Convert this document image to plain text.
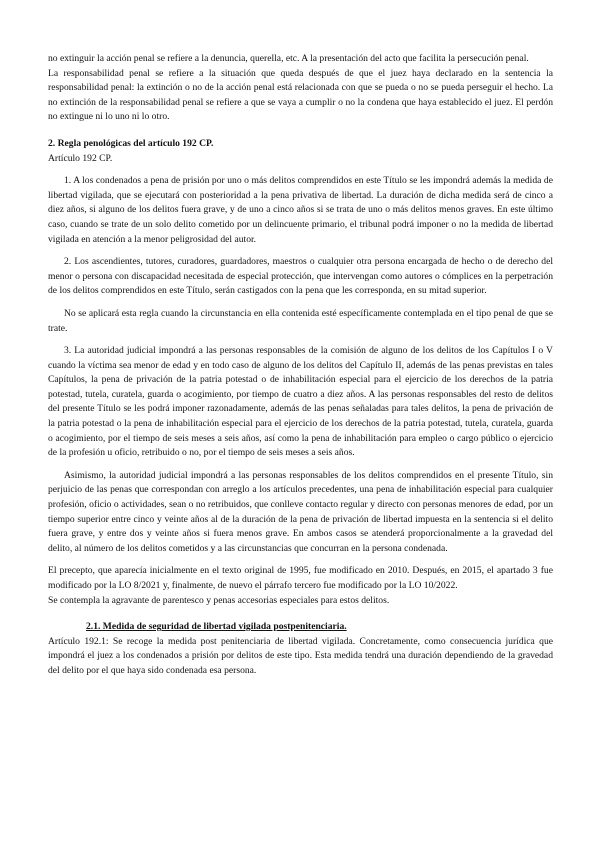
no extinguir la acción penal se refiere a la denuncia, querella, etc. A la presentación del acto que facilita la persecución penal.

La responsabilidad penal se refiere a la situación que queda después de que el juez haya declarado en la sentencia la responsabilidad penal: la extinción o no de la acción penal está relacionada con que se pueda o no se pueda perseguir el hecho. La no extinción de la responsabilidad penal se refiere a que se vaya a cumplir o no la condena que haya establecido el juez. El perdón no extingue ni lo uno ni lo otro.

2. Regla penológicas del artículo 192 CP.

Artículo 192 CP.

1. A los condenados a pena de prisión por uno o más delitos comprendidos en este Título se les impondrá además la medida de libertad vigilada, que se ejecutará con posterioridad a la pena privativa de libertad. La duración de dicha medida será de cinco a diez años, si alguno de los delitos fuera grave, y de uno a cinco años si se trata de uno o más delitos menos graves. En este último caso, cuando se trate de un solo delito cometido por un delincuente primario, el tribunal podrá imponer o no la medida de libertad vigilada en atención a la menor peligrosidad del autor.

2. Los ascendientes, tutores, curadores, guardadores, maestros o cualquier otra persona encargada de hecho o de derecho del menor o persona con discapacidad necesitada de especial protección, que intervengan como autores o cómplices en la perpetración de los delitos comprendidos en este Título, serán castigados con la pena que les corresponda, en su mitad superior.

No se aplicará esta regla cuando la circunstancia en ella contenida esté específicamente contemplada en el tipo penal de que se trate.

3. La autoridad judicial impondrá a las personas responsables de la comisión de alguno de los delitos de los Capítulos I o V cuando la víctima sea menor de edad y en todo caso de alguno de los delitos del Capítulo II, además de las penas previstas en tales Capítulos, la pena de privación de la patria potestad o de inhabilitación especial para el ejercicio de los derechos de la patria potestad, tutela, curatela, guarda o acogimiento, por tiempo de cuatro a diez años. A las personas responsables del resto de delitos del presente Título se les podrá imponer razonadamente, además de las penas señaladas para tales delitos, la pena de privación de la patria potestad o la pena de inhabilitación especial para el ejercicio de los derechos de la patria potestad, tutela, curatela, guarda o acogimiento, por el tiempo de seis meses a seis años, así como la pena de inhabilitación para empleo o cargo público o ejercicio de la profesión u oficio, retribuido o no, por el tiempo de seis meses a seis años.

Asimismo, la autoridad judicial impondrá a las personas responsables de los delitos comprendidos en el presente Título, sin perjuicio de las penas que correspondan con arreglo a los artículos precedentes, una pena de inhabilitación especial para cualquier profesión, oficio o actividades, sean o no retribuidos, que conlleve contacto regular y directo con personas menores de edad, por un tiempo superior entre cinco y veinte años al de la duración de la pena de privación de libertad impuesta en la sentencia si el delito fuera grave, y entre dos y veinte años si fuera menos grave. En ambos casos se atenderá proporcionalmente a la gravedad del delito, al número de los delitos cometidos y a las circunstancias que concurran en la persona condenada.

El precepto, que aparecía inicialmente en el texto original de 1995, fue modificado en 2010. Después, en 2015, el apartado 3 fue modificado por la LO 8/2021 y, finalmente, de nuevo el párrafo tercero fue modificado por la LO 10/2022.

Se contempla la agravante de parentesco y penas accesorias especiales para estos delitos.

2.1. Medida de seguridad de libertad vigilada postpenitenciaria.

Artículo 192.1: Se recoge la medida post penitenciaria de libertad vigilada. Concretamente, como consecuencia jurídica que impondrá el juez a los condenados a prisión por delitos de este tipo. Esta medida tendrá una duración dependiendo de la gravedad del delito por el que haya sido condenada esa persona.
